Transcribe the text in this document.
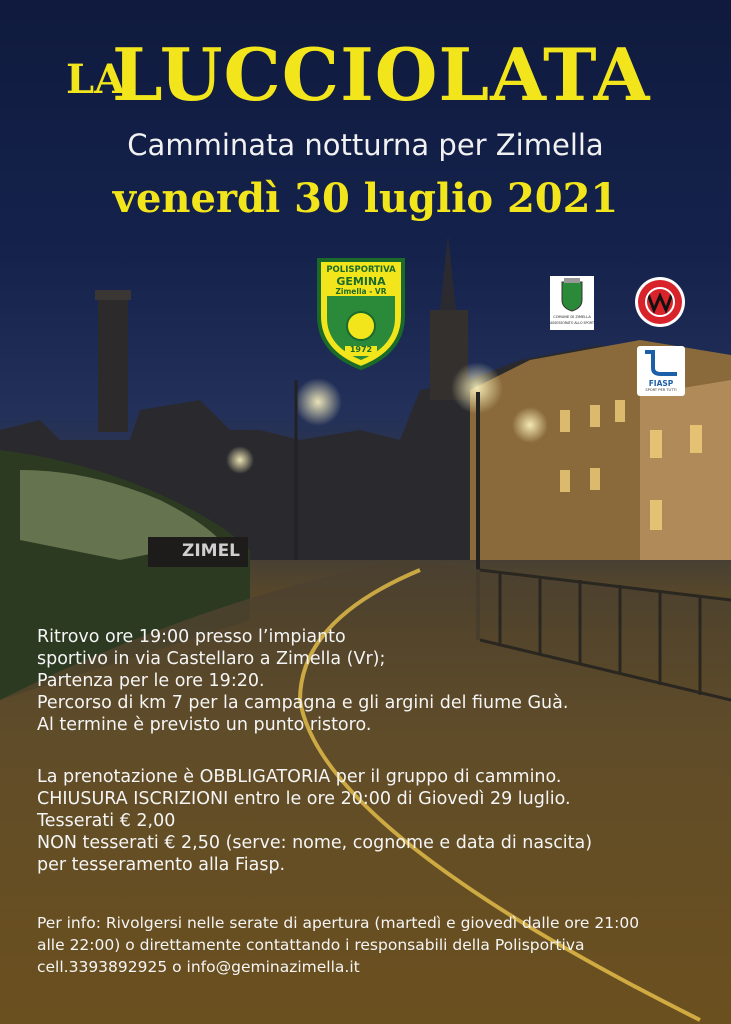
ZIMEL
LA
LUCCIOLATA
Camminata notturna per Zimella
venerdì 30 luglio 2021
POLISPORTIVA
GEMINA
Zimella - VR
1972
COMUNE DI ZIMELLA
ASSESSORATO ALLO SPORT
FIASP
SPORT PER TUTTI
Ritrovo ore 19:00 presso l’impianto
sportivo in via Castellaro a Zimella (Vr);
Partenza per le ore 19:20.
Percorso di km 7 per la campagna e gli argini del fiume Guà.
Al termine è previsto un punto ristoro.
La prenotazione è OBBLIGATORIA per il gruppo di cammino.
CHIUSURA ISCRIZIONI entro le ore 20:00 di Giovedì 29 luglio.
Tesserati € 2,00
NON tesserati € 2,50 (serve: nome, cognome e data di nascita)
per tesseramento alla Fiasp.
Per info: Rivolgersi nelle serate di apertura (martedì e giovedì dalle ore 21:00
alle 22:00) o direttamente contattando i responsabili della Polisportiva
cell.3393892925 o info@geminazimella.it
